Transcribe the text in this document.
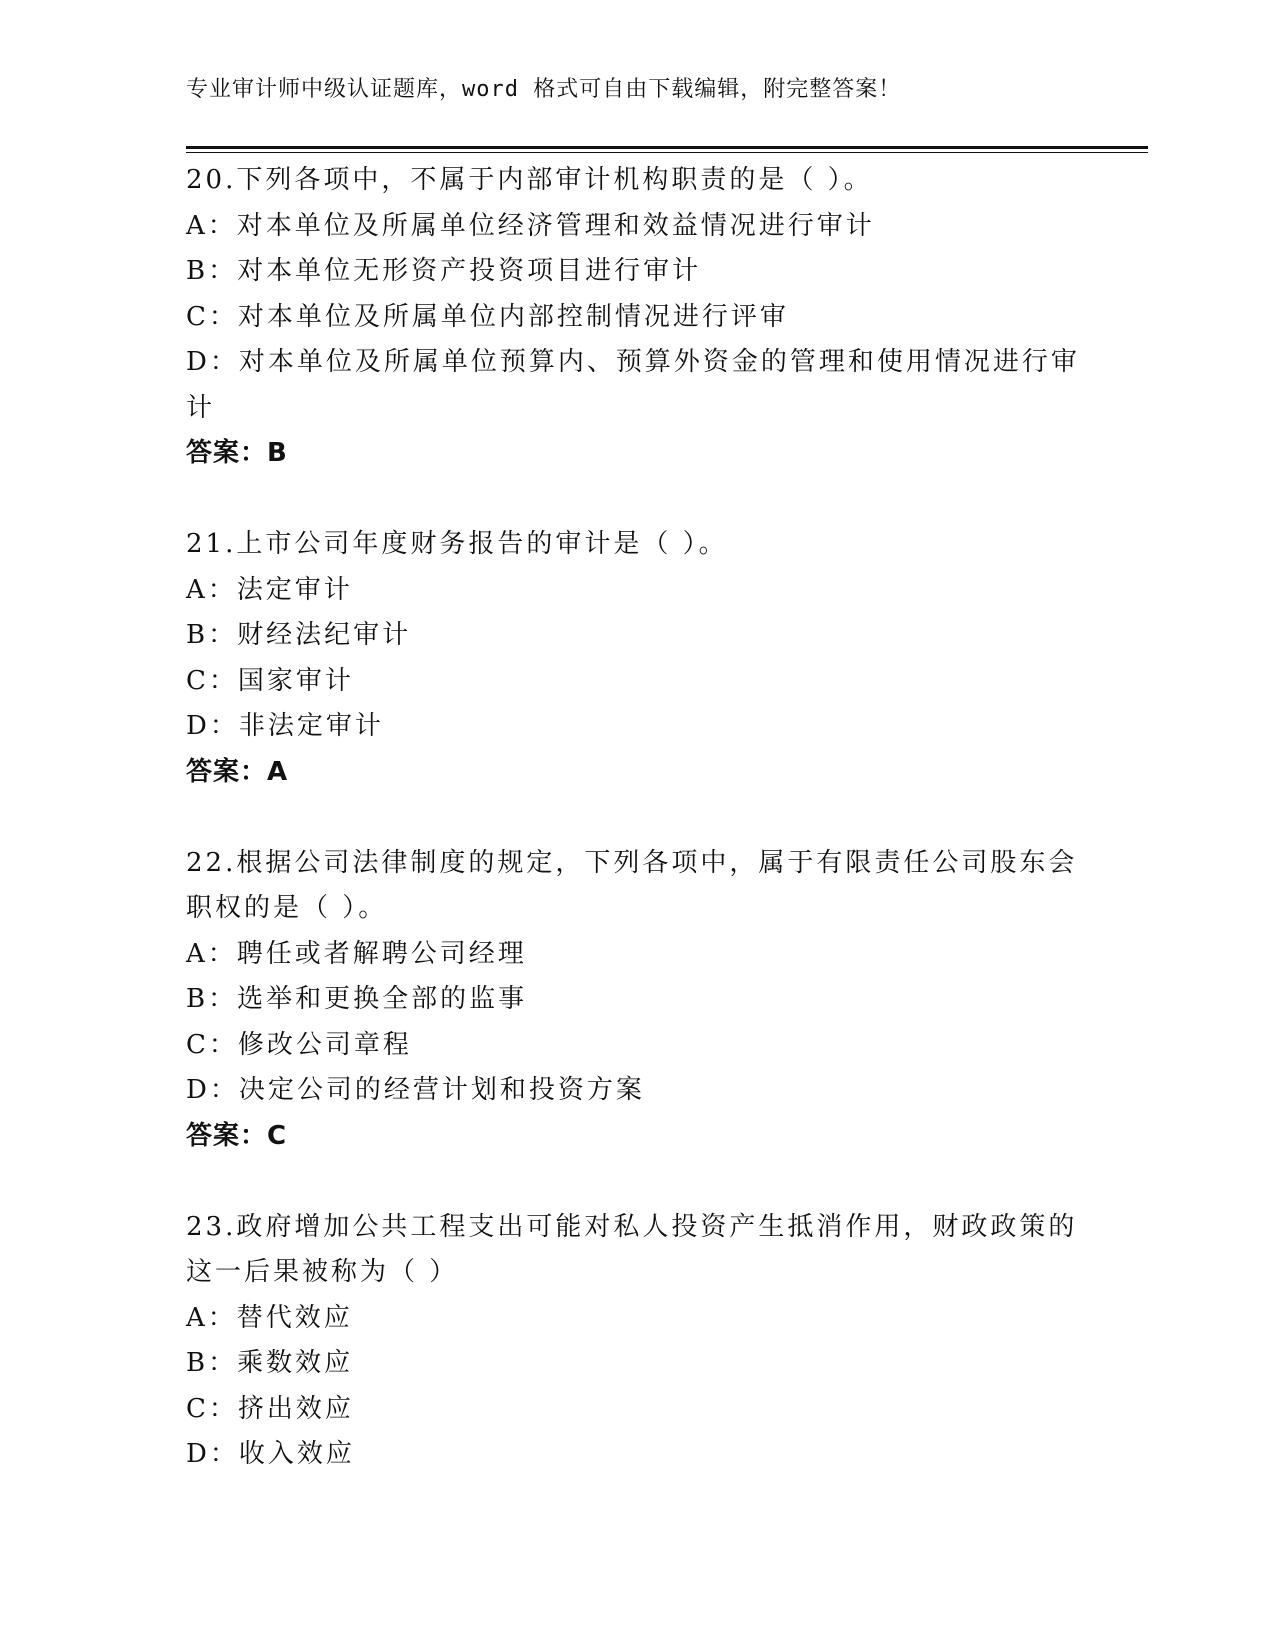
专业审计师中级认证题库，word 格式可自由下载编辑，附完整答案！
20.下列各项中，不属于内部审计机构职责的是（ ）。
A：对本单位及所属单位经济管理和效益情况进行审计
B：对本单位无形资产投资项目进行审计
C：对本单位及所属单位内部控制情况进行评审
D：对本单位及所属单位预算内、预算外资金的管理和使用情况进行审
计
答案：B
21.上市公司年度财务报告的审计是（ ）。
A：法定审计
B：财经法纪审计
C：国家审计
D：非法定审计
答案：A
22.根据公司法律制度的规定，下列各项中，属于有限责任公司股东会
职权的是（ ）。
A：聘任或者解聘公司经理
B：选举和更换全部的监事
C：修改公司章程
D：决定公司的经营计划和投资方案
答案：C
23.政府增加公共工程支出可能对私人投资产生抵消作用，财政政策的
这一后果被称为（ ）
A：替代效应
B：乘数效应
C：挤出效应
D：收入效应
